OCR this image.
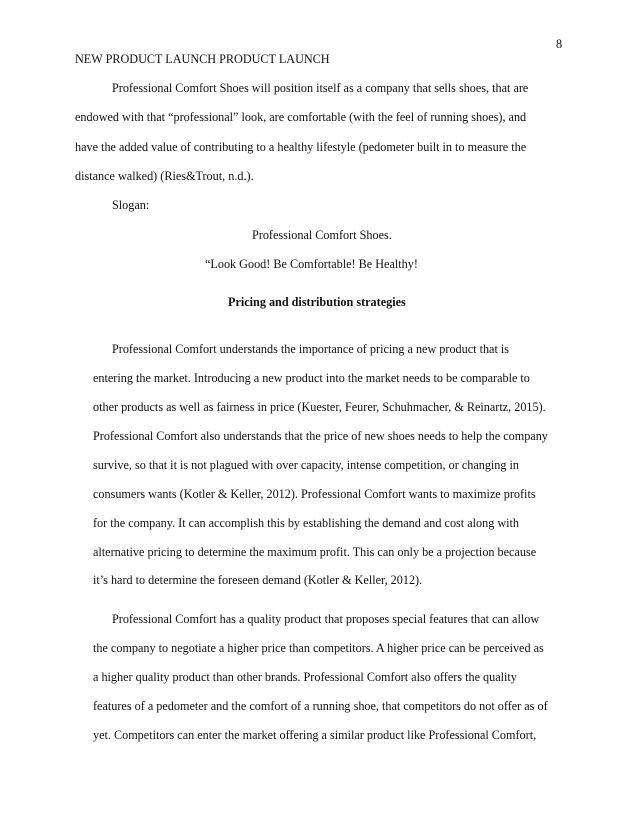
8
NEW PRODUCT LAUNCH PRODUCT LAUNCH
Professional Comfort Shoes will position itself as a company that sells shoes, that are
endowed with that “professional” look, are comfortable (with the feel of running shoes), and
have the added value of contributing to a healthy lifestyle (pedometer built in to measure the
distance walked) (Ries&Trout, n.d.).
Slogan:
Professional Comfort Shoes.
“Look Good! Be Comfortable! Be Healthy!
Pricing and distribution strategies
Professional Comfort understands the importance of pricing a new product that is
entering the market. Introducing a new product into the market needs to be comparable to
other products as well as fairness in price (Kuester, Feurer, Schuhmacher, & Reinartz, 2015).
Professional Comfort also understands that the price of new shoes needs to help the company
survive, so that it is not plagued with over capacity, intense competition, or changing in
consumers wants (Kotler & Keller, 2012). Professional Comfort wants to maximize profits
for the company. It can accomplish this by establishing the demand and cost along with
alternative pricing to determine the maximum profit. This can only be a projection because
it’s hard to determine the foreseen demand (Kotler & Keller, 2012).
Professional Comfort has a quality product that proposes special features that can allow
the company to negotiate a higher price than competitors. A higher price can be perceived as
a higher quality product than other brands. Professional Comfort also offers the quality
features of a pedometer and the comfort of a running shoe, that competitors do not offer as of
yet. Competitors can enter the market offering a similar product like Professional Comfort,
